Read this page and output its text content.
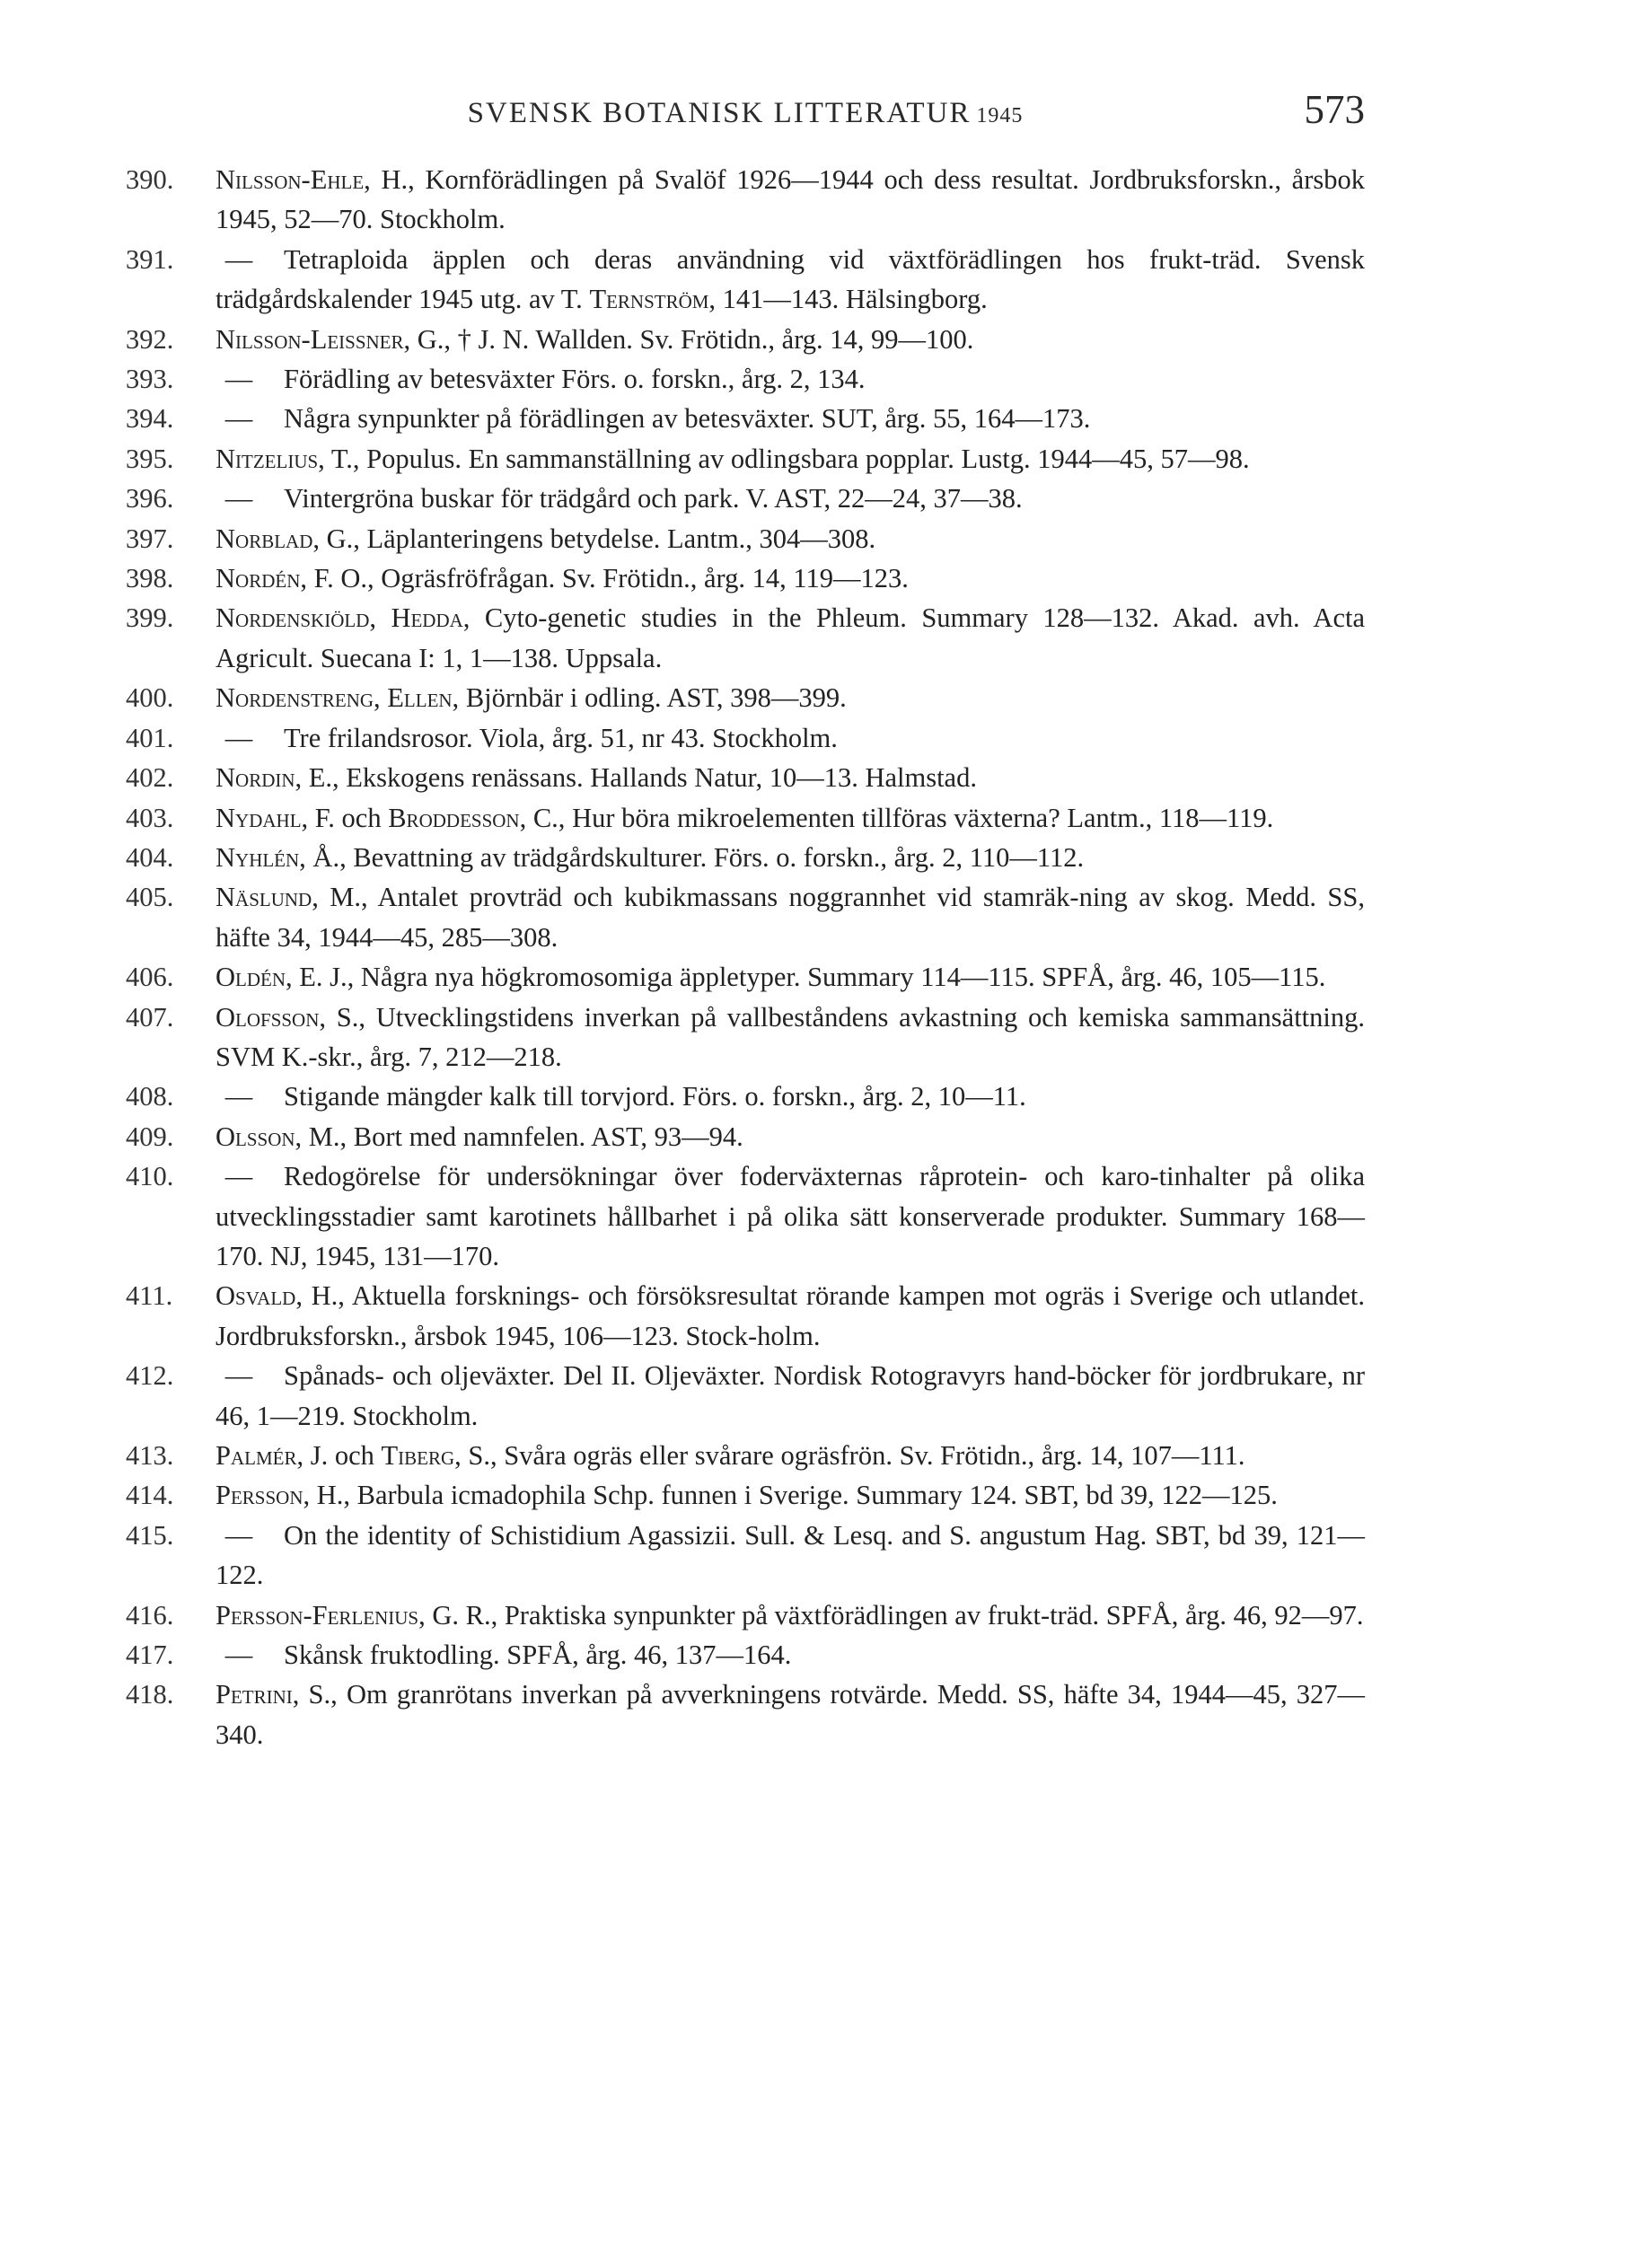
SVENSK BOTANISK LITTERATUR 1945	573
390. Nilsson-Ehle, H., Kornförädlingen på Svalöf 1926—1944 och dess resultat. Jordbruksforskn., årsbok 1945, 52—70. Stockholm.
391. — Tetraploida äpplen och deras användning vid växtförädlingen hos frukt-träd. Svensk trädgårdskalender 1945 utg. av T. Ternström, 141—143. Hälsingborg.
392. Nilsson-Leissner, G., † J. N. Wallden. Sv. Frötidn., årg. 14, 99—100.
393. — Förädling av betesväxter Förs. o. forskn., årg. 2, 134.
394. — Några synpunkter på förädlingen av betesväxter. SUT, årg. 55, 164—173.
395. Nitzelius, T., Populus. En sammanställning av odlingsbara popplar. Lustg. 1944—45, 57—98.
396. — Vintergröna buskar för trädgård och park. V. AST, 22—24, 37—38.
397. Norblad, G., Läplanteringens betydelse. Lantm., 304—308.
398. Nordén, F. O., Ogräsfröfrågan. Sv. Frötidn., årg. 14, 119—123.
399. Nordenskiöld, Hedda, Cyto-genetic studies in the Phleum. Summary 128—132. Akad. avh. Acta Agricult. Suecana I: 1, 1—138. Uppsala.
400. Nordenstreng, Ellen, Björnbär i odling. AST, 398—399.
401. — Tre frilandsrosor. Viola, årg. 51, nr 43. Stockholm.
402. Nordin, E., Ekskogens renässans. Hallands Natur, 10—13. Halmstad.
403. Nydahl, F. och Broddesson, C., Hur böra mikroelementen tillföras växterna? Lantm., 118—119.
404. Nyhlén, Å., Bevattning av trädgårdskulturer. Förs. o. forskn., årg. 2, 110—112.
405. Näslund, M., Antalet provträd och kubikmassans noggrannhet vid stamräk-ning av skog. Medd. SS, häfte 34, 1944—45, 285—308.
406. Oldén, E. J., Några nya högkromosomiga äppletyper. Summary 114—115. SPFÅ, årg. 46, 105—115.
407. Olofsson, S., Utvecklingstidens inverkan på vallbeståndens avkastning och kemiska sammansättning. SVM K.-skr., årg. 7, 212—218.
408. — Stigande mängder kalk till torvjord. Förs. o. forskn., årg. 2, 10—11.
409. Olsson, M., Bort med namnfelen. AST, 93—94.
410. — Redogörelse för undersökningar över foderväxternas råprotein- och karo-tinhalter på olika utvecklingsstadier samt karotinets hållbarhet i på olika sätt konserverade produkter. Summary 168—170. NJ, 1945, 131—170.
411. Osvald, H., Aktuella forsknings- och försöksresultat rörande kampen mot ogräs i Sverige och utlandet. Jordbruksforskn., årsbok 1945, 106—123. Stock-holm.
412. — Spånads- och oljeväxter. Del II. Oljeväxter. Nordisk Rotogravyrs hand-böcker för jordbrukare, nr 46, 1—219. Stockholm.
413. Palmér, J. och Tiberg, S., Svåra ogräs eller svårare ogräsfrön. Sv. Frötidn., årg. 14, 107—111.
414. Persson, H., Barbula icmadophila Schp. funnen i Sverige. Summary 124. SBT, bd 39, 122—125.
415. — On the identity of Schistidium Agassizii. Sull. & Lesq. and S. angustum Hag. SBT, bd 39, 121—122.
416. Persson-Ferlenius, G. R., Praktiska synpunkter på växtförädlingen av frukt-träd. SPFÅ, årg. 46, 92—97.
417. — Skånsk fruktodling. SPFÅ, årg. 46, 137—164.
418. Petrini, S., Om granrötans inverkan på avverkningens rotvärde. Medd. SS, häfte 34, 1944—45, 327—340.
